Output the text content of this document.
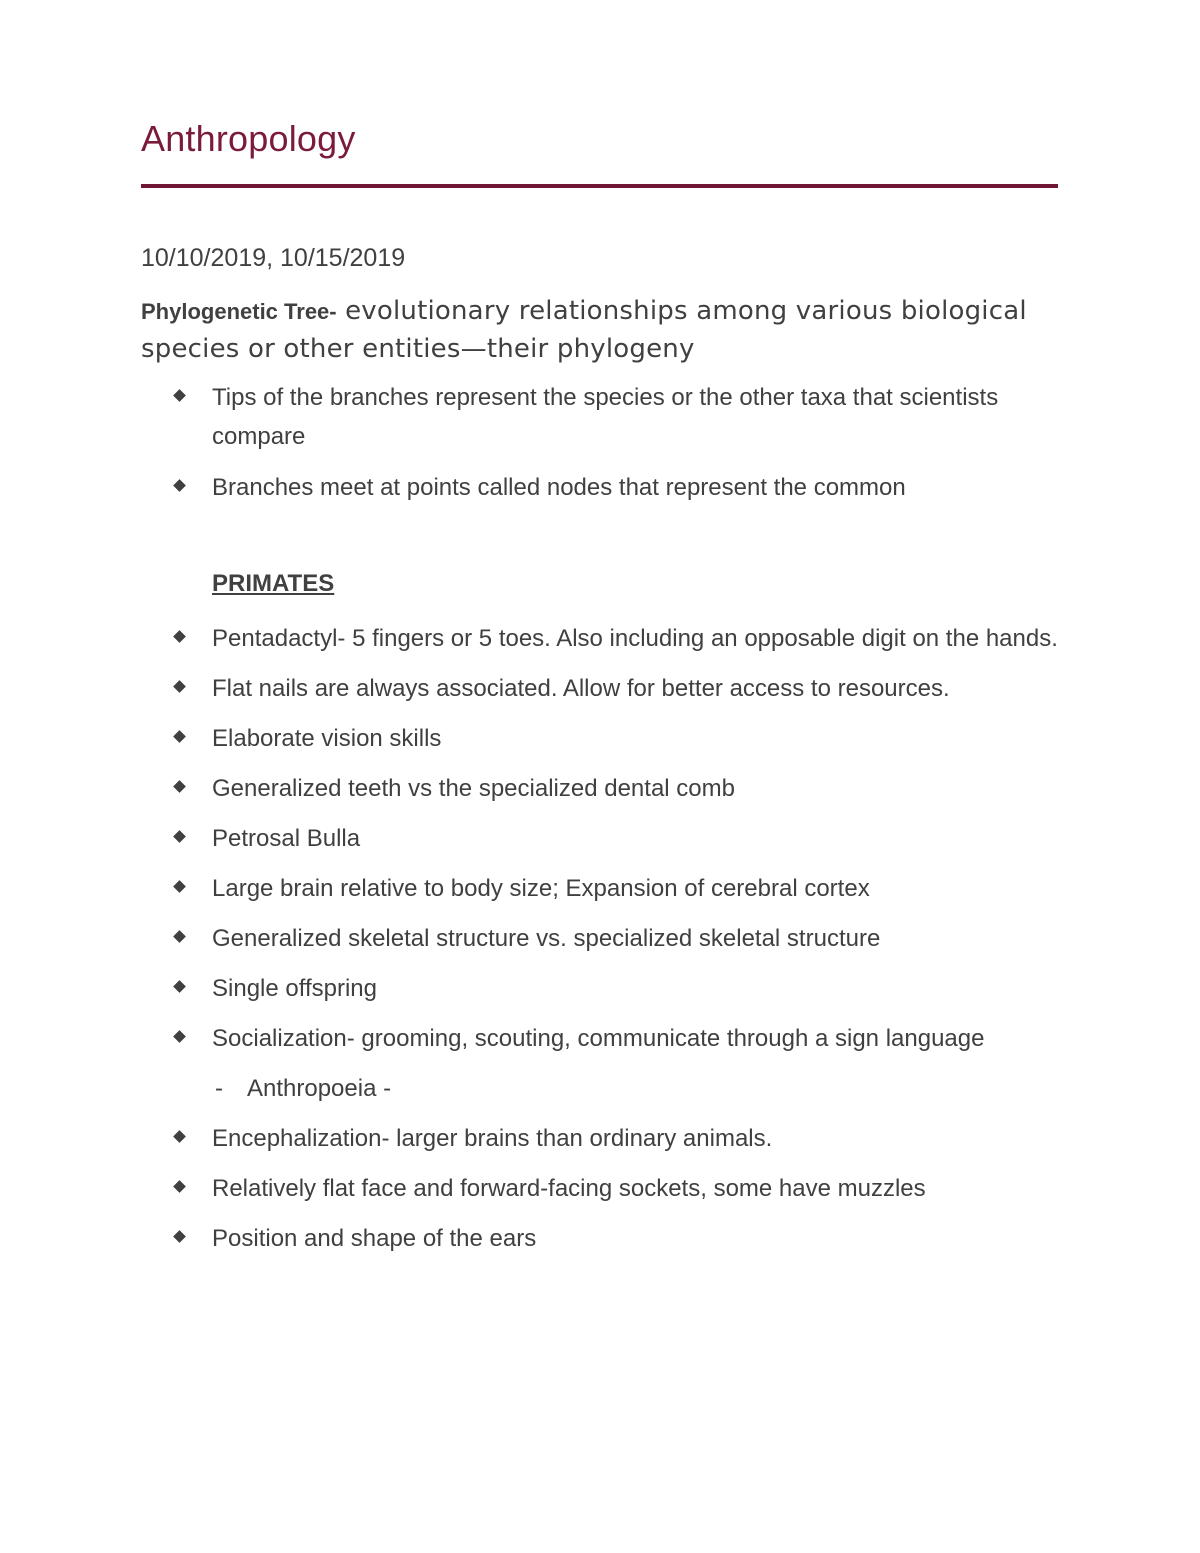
Anthropology
10/10/2019, 10/15/2019
Phylogenetic Tree- evolutionary relationships among various biological species or other entities—their phylogeny
Tips of the branches represent the species or the other taxa that scientists compare
Branches meet at points called nodes that represent the common
PRIMATES
Pentadactyl- 5 fingers or 5 toes. Also including an opposable digit on the hands.
Flat nails are always associated. Allow for better access to resources.
Elaborate vision skills
Generalized teeth vs the specialized dental comb
Petrosal Bulla
Large brain relative to body size; Expansion of cerebral cortex
Generalized skeletal structure vs. specialized skeletal structure
Single offspring
Socialization- grooming, scouting, communicate through a sign language
- Anthropoeia -
Encephalization- larger brains than ordinary animals.
Relatively flat face and forward-facing sockets, some have muzzles
Position and shape of the ears
